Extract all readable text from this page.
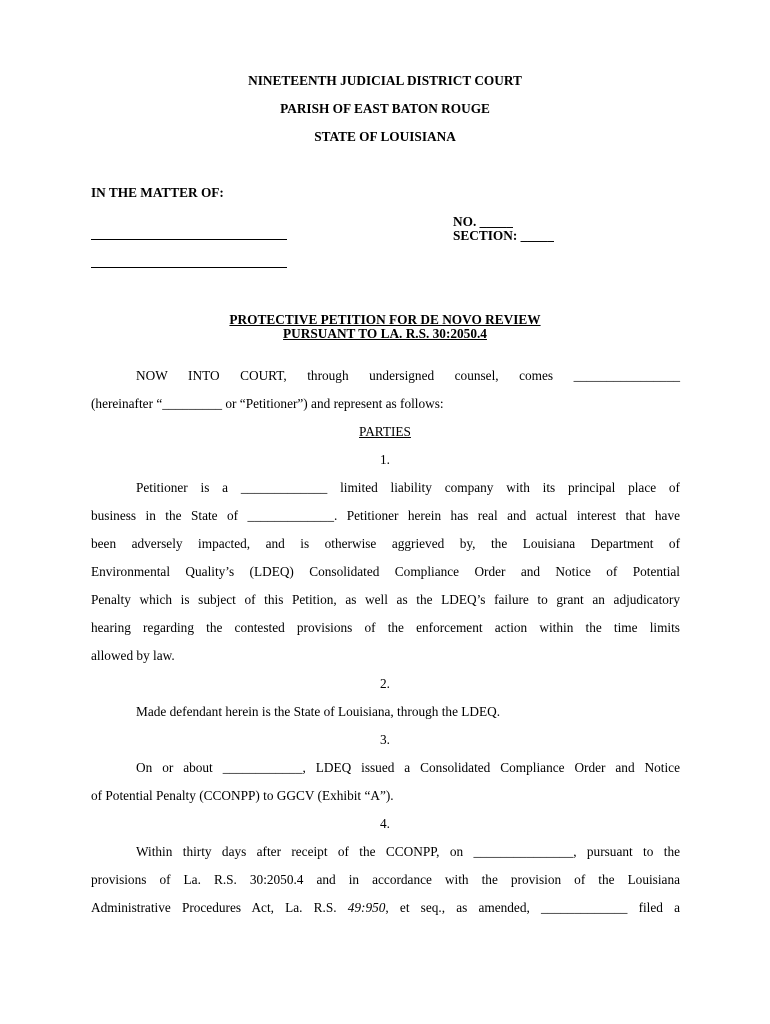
NINETEENTH JUDICIAL DISTRICT COURT
PARISH OF EAST BATON ROUGE
STATE OF LOUISIANA
IN THE MATTER OF:
NO. _____
SECTION: _____
PROTECTIVE PETITION FOR DE NOVO REVIEW
PURSUANT TO LA. R.S. 30:2050.4
NOW INTO COURT, through undersigned counsel, comes ________________
(hereinafter “_________ or “Petitioner”) and represent as follows:
PARTIES
1.
Petitioner is a _____________ limited liability company with its principal place of
business in the State of _____________. Petitioner herein has real and actual interest that have
been adversely impacted, and is otherwise aggrieved by, the Louisiana Department of
Environmental Quality’s (LDEQ) Consolidated Compliance Order and Notice of Potential
Penalty which is subject of this Petition, as well as the LDEQ’s failure to grant an adjudicatory
hearing regarding the contested provisions of the enforcement action within the time limits
allowed by law.
2.
Made defendant herein is the State of Louisiana, through the LDEQ.
3.
On or about ____________, LDEQ issued a Consolidated Compliance Order and Notice
of Potential Penalty (CCONPP) to GGCV (Exhibit “A”).
4.
Within thirty days after receipt of the CCONPP, on _______________, pursuant to the
provisions of La. R.S. 30:2050.4 and in accordance with the provision of the Louisiana
Administrative Procedures Act, La. R.S. 49:950, et seq., as amended, _____________ filed a
